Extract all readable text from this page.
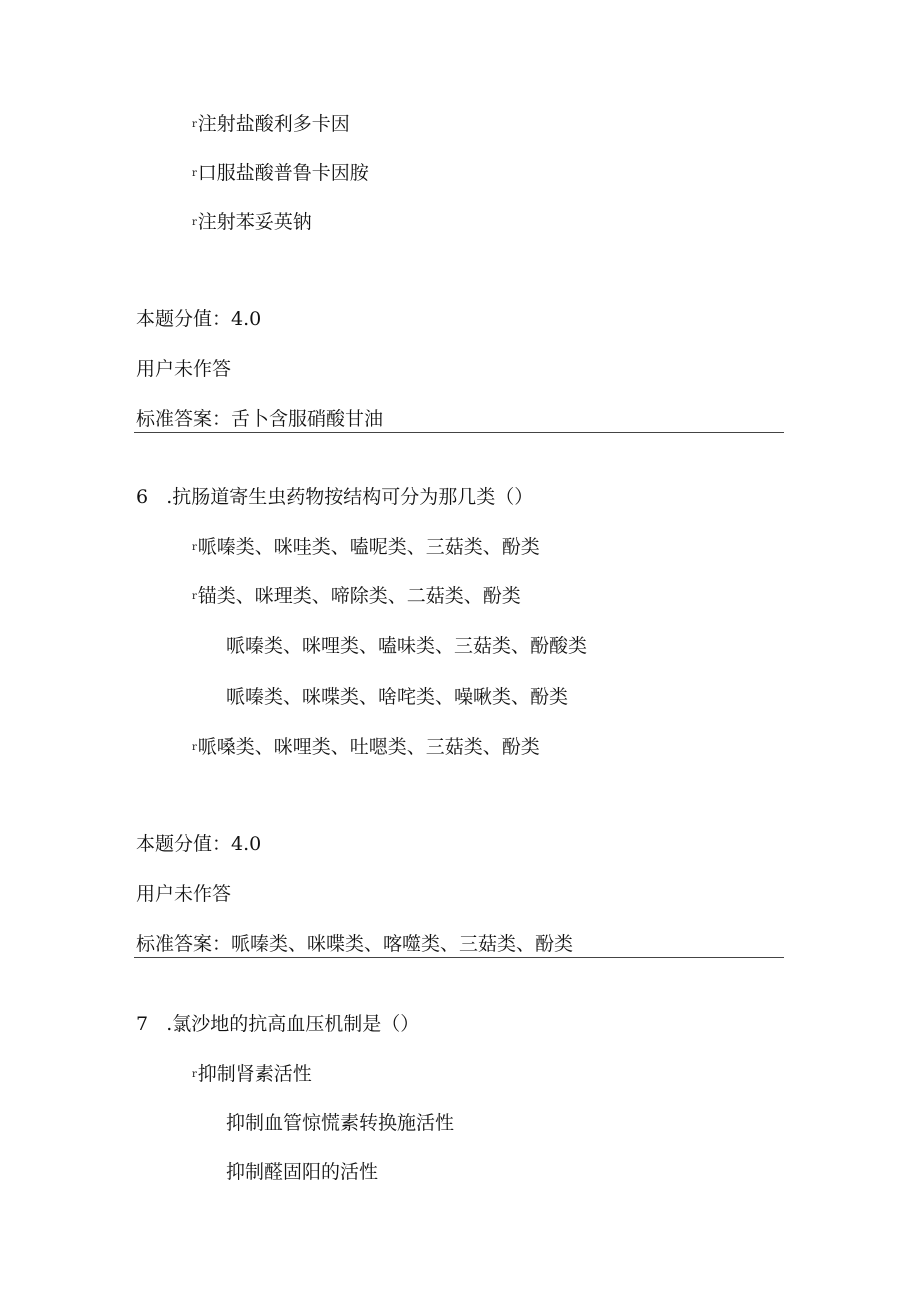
$^r$注射盐酸利多卡因
$^r$口服盐酸普鲁卡因胺
$^r$注射苯妥英钠
本题分值：4.0
用户未作答
标准答案：舌卜含服硝酸甘油
6 .抗肠道寄生虫药物按结构可分为那几类（）
$^r$哌嗪类、咪哇类、嗑呢类、三菇类、酚类
$^r$锚类、咪理类、啼除类、二菇类、酚类
哌嗪类、咪哩类、嗑味类、三菇类、酚酸类
哌嗪类、咪喋类、啥咤类、噪啾类、酚类
$^r$哌嗓类、咪哩类、吐嗯类、三菇类、酚类
本题分值：4.0
用户未作答
标准答案：哌嗪类、咪喋类、喀噬类、三菇类、酚类
7 .氯沙地的抗高血压机制是（）
$^r$抑制肾素活性
抑制血管惊慌素转换施活性
抑制醛固阳的活性
